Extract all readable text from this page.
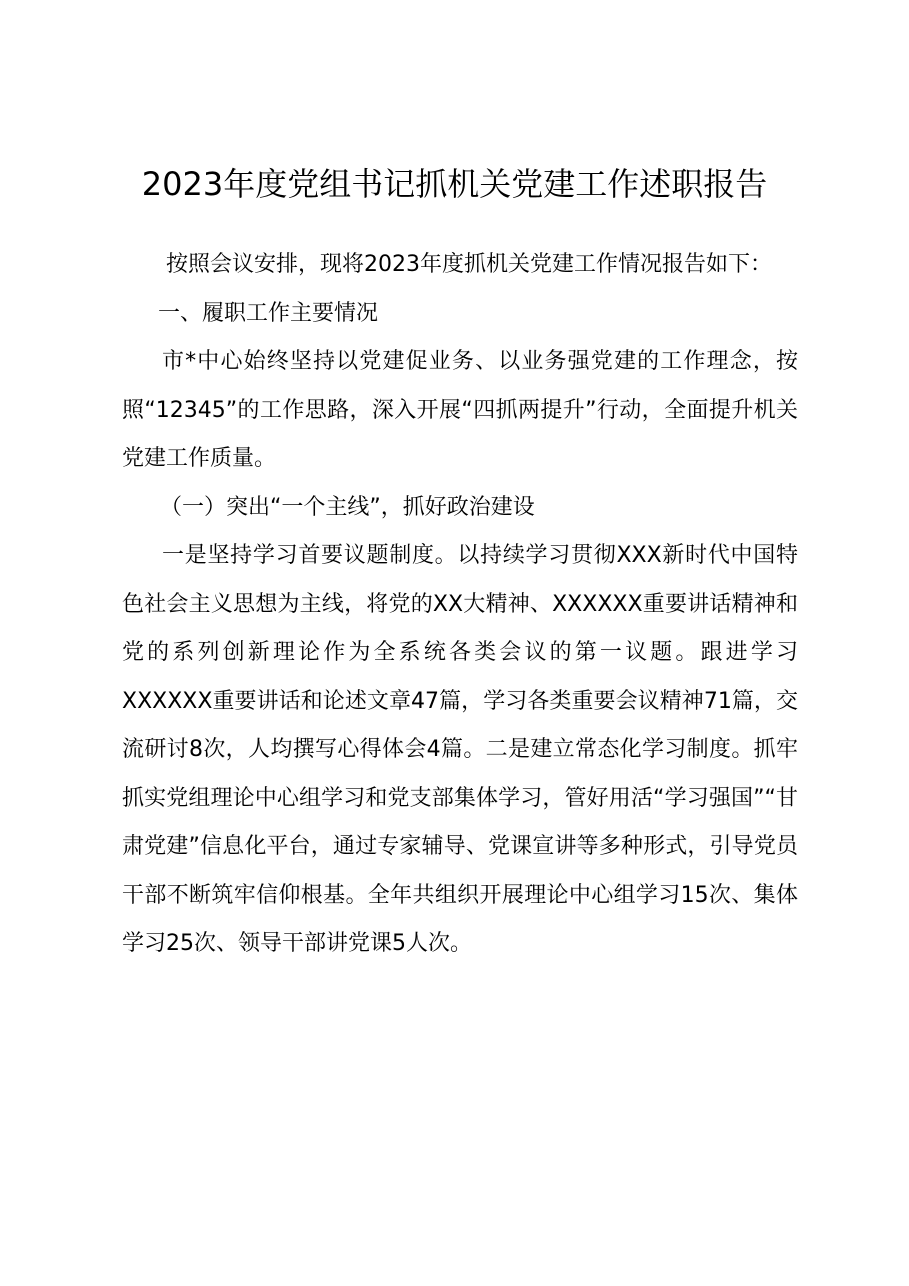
2023年度党组书记抓机关党建工作述职报告

按照会议安排，现将2023年度抓机关党建工作情况报告如下：

一、履职工作主要情况

市*中心始终坚持以党建促业务、以业务强党建的工作理念，按照“12345”的工作思路，深入开展“四抓两提升”行动，全面提升机关党建工作质量。

（一）突出“一个主线”，抓好政治建设

一是坚持学习首要议题制度。以持续学习贯彻XXX新时代中国特色社会主义思想为主线，将党的XX大精神、XXXXXX重要讲话精神和党的系列创新理论作为全系统各类会议的第一议题。跟进学习XXXXXX重要讲话和论述文章47篇，学习各类重要会议精神71篇，交流研讨8次，人均撰写心得体会4篇。二是建立常态化学习制度。抓牢抓实党组理论中心组学习和党支部集体学习，管好用活“学习强国”“甘肃党建”信息化平台，通过专家辅导、党课宣讲等多种形式，引导党员干部不断筑牢信仰根基。全年共组织开展理论中心组学习15次、集体学习25次、领导干部讲党课5人次。
